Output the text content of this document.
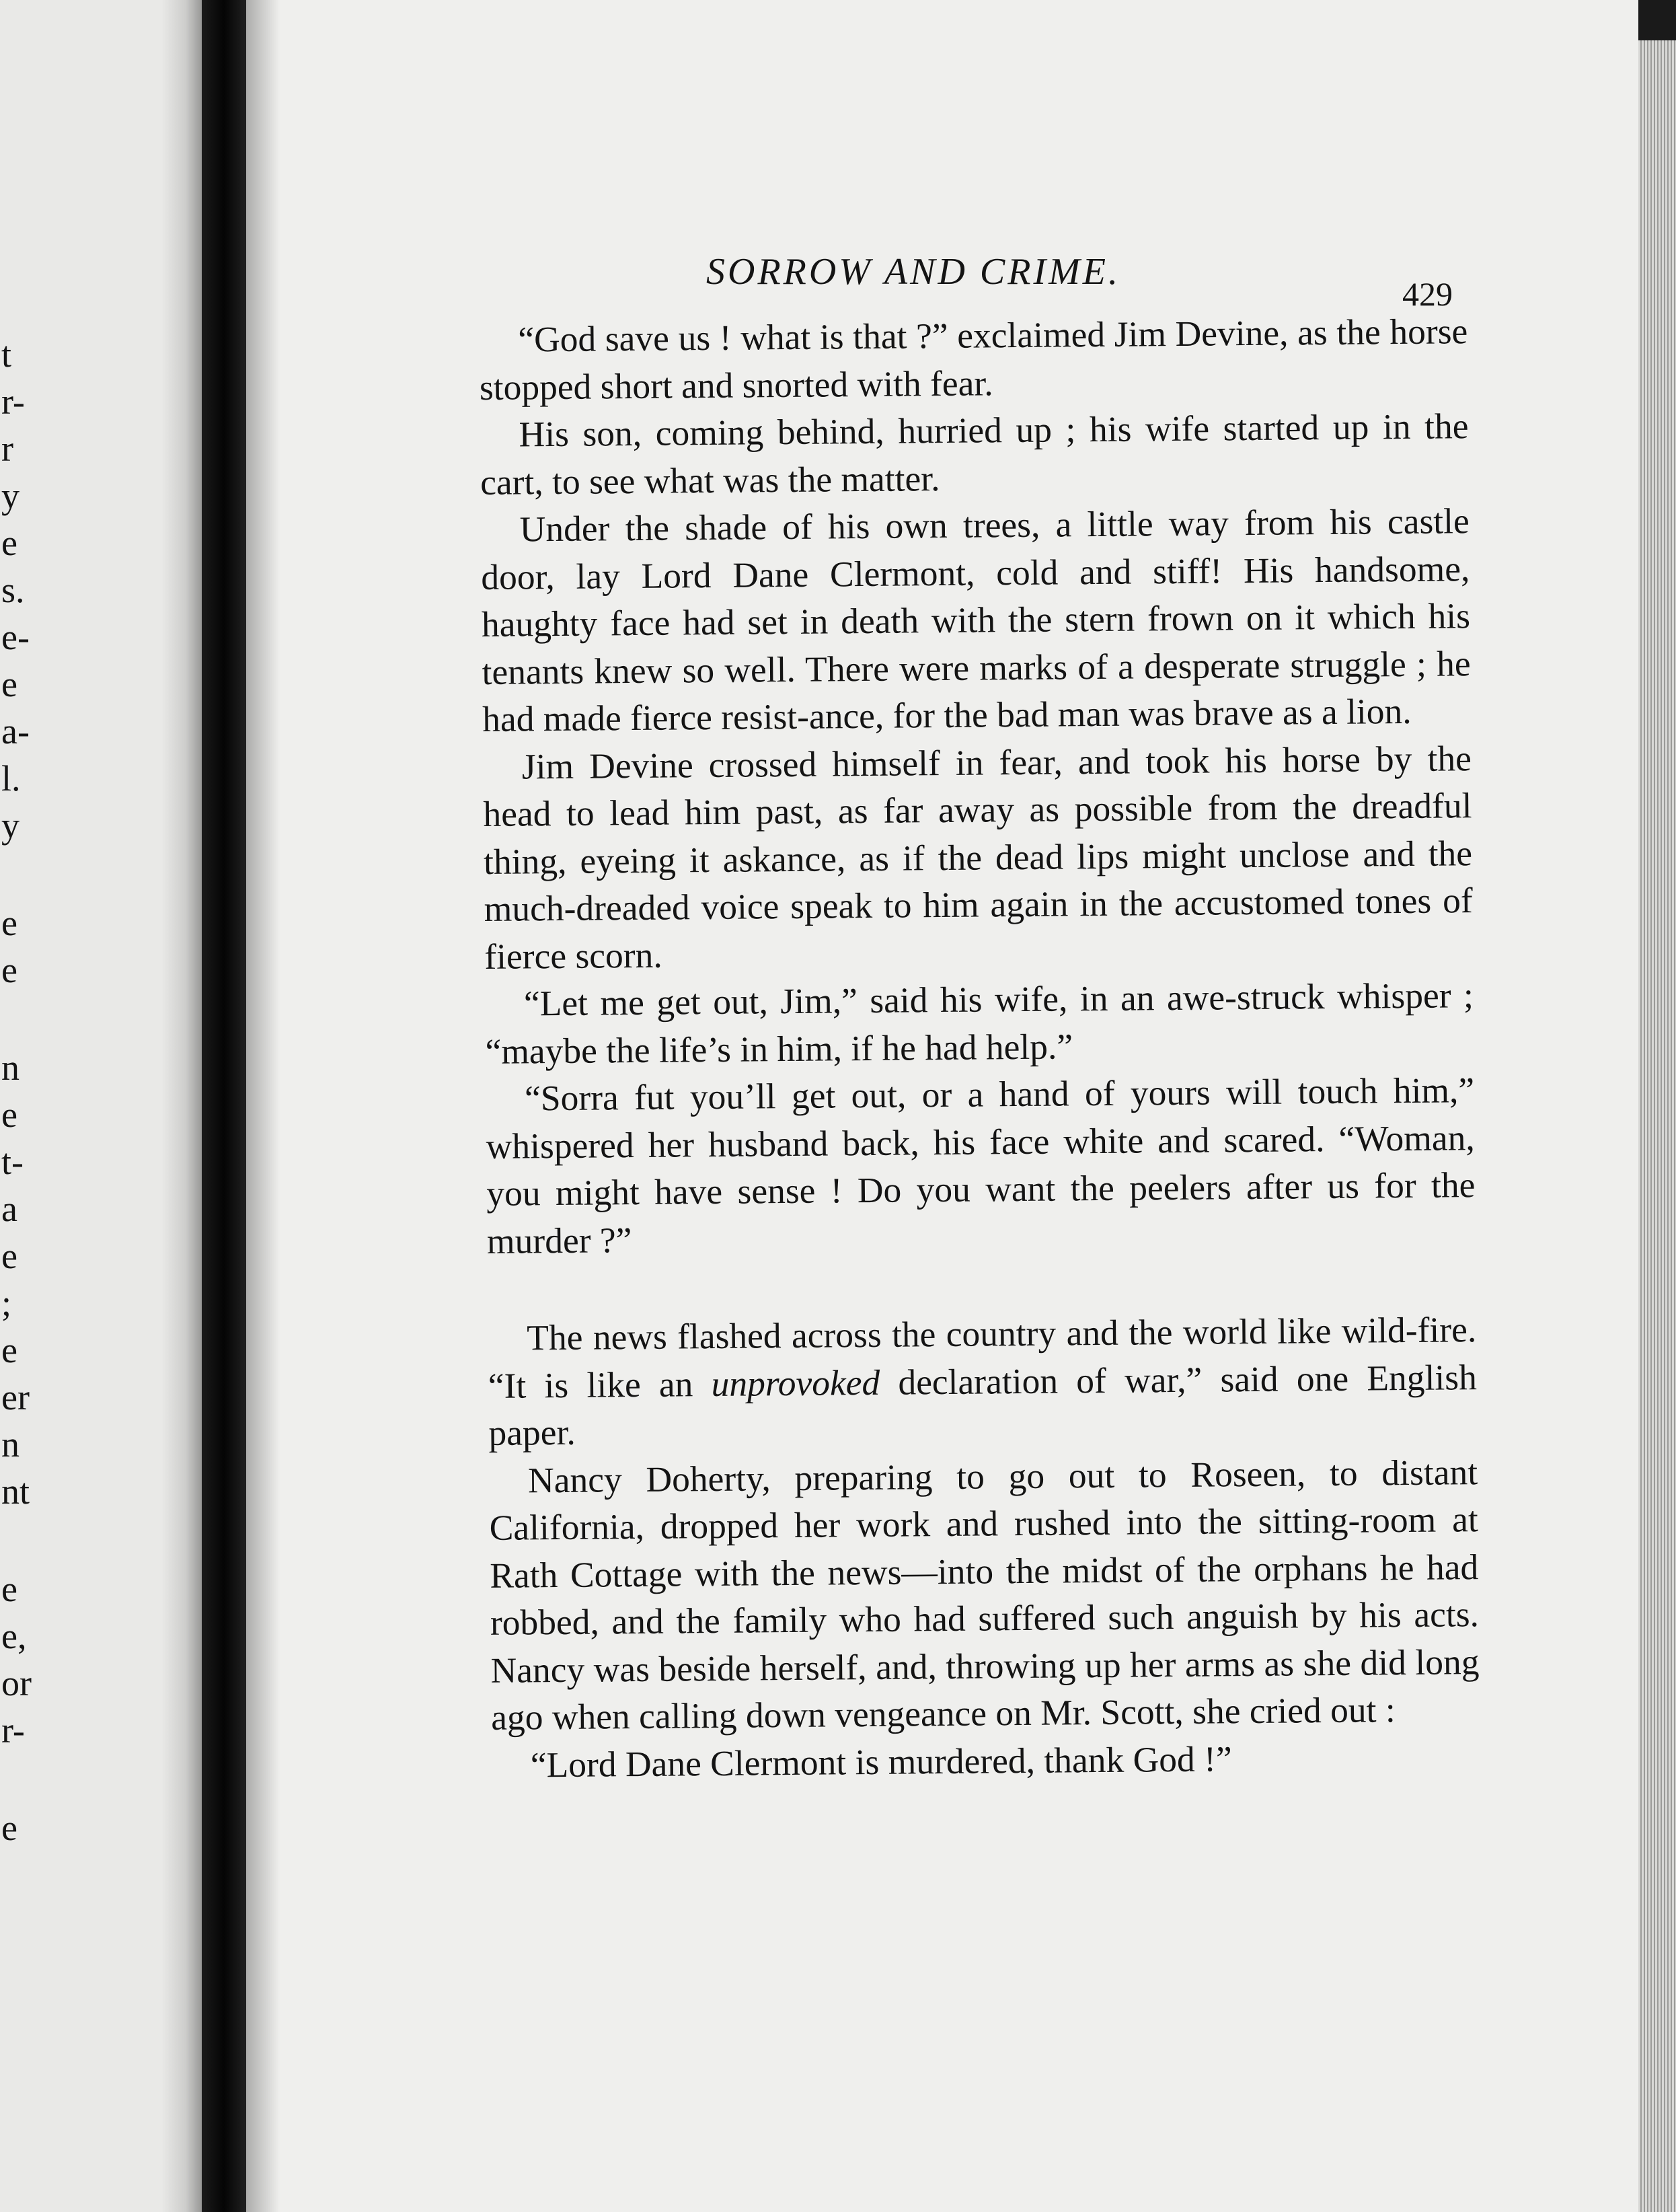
t
r-
r
y
e
s.
e-
e
a-
l.
y
e
e
n
e
t-
a
e
;
e
er
n
nt
e
e,
or
r-
e
SORROW AND CRIME.
429

“God save us ! what is that ?” exclaimed Jim Devine, as the horse stopped short and snorted with fear.

His son, coming behind, hurried up ; his wife started up in the cart, to see what was the matter.

Under the shade of his own trees, a little way from his castle door, lay Lord Dane Clermont, cold and stiff! His handsome, haughty face had set in death with the stern frown on it which his tenants knew so well. There were marks of a desperate struggle ; he had made fierce resist-ance, for the bad man was brave as a lion.

Jim Devine crossed himself in fear, and took his horse by the head to lead him past, as far away as possible from the dreadful thing, eyeing it askance, as if the dead lips might unclose and the much-dreaded voice speak to him again in the accustomed tones of fierce scorn.

“Let me get out, Jim,” said his wife, in an awe-struck whisper ; “maybe the life’s in him, if he had help.”

“Sorra fut you’ll get out, or a hand of yours will touch him,” whispered her husband back, his face white and scared. “Woman, you might have sense ! Do you want the peelers after us for the murder ?”

The news flashed across the country and the world like wild-fire. “It is like an unprovoked declaration of war,” said one English paper.

Nancy Doherty, preparing to go out to Roseen, to distant California, dropped her work and rushed into the sitting-room at Rath Cottage with the news—into the midst of the orphans he had robbed, and the family who had suffered such anguish by his acts. Nancy was beside herself, and, throwing up her arms as she did long ago when calling down vengeance on Mr. Scott, she cried out :

“Lord Dane Clermont is murdered, thank God !”
